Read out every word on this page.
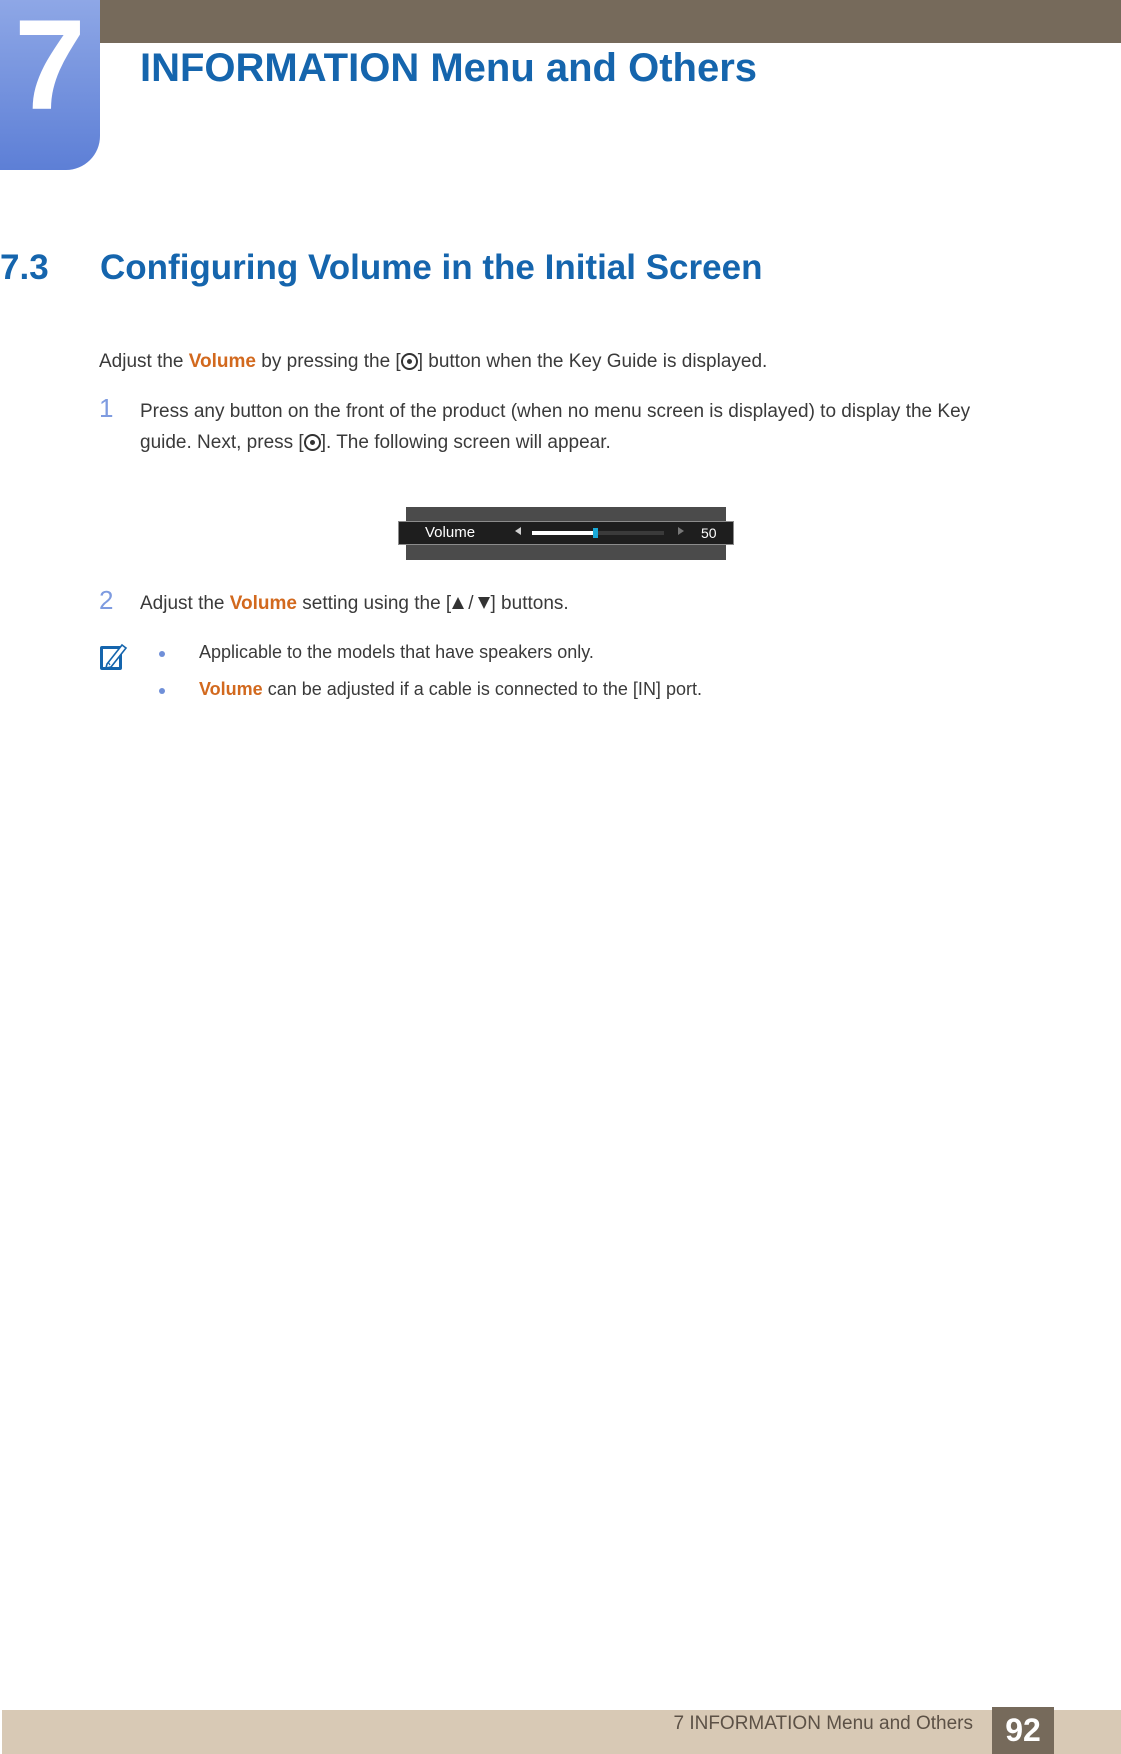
7	INFORMATION Menu and Others
7.3 Configuring Volume in the Initial Screen
Adjust the Volume by pressing the [ ] button when the Key Guide is displayed.
1 Press any button on the front of the product (when no menu screen is displayed) to display the Key
guide. Next, press [ ]. The following screen will appear.
Volume	50
2 Adjust the Volume setting using the [ / ] buttons.
Applicable to the models that have speakers only.
Volume can be adjusted if a cable is connected to the [IN] port.
7 INFORMATION Menu and Others	92
